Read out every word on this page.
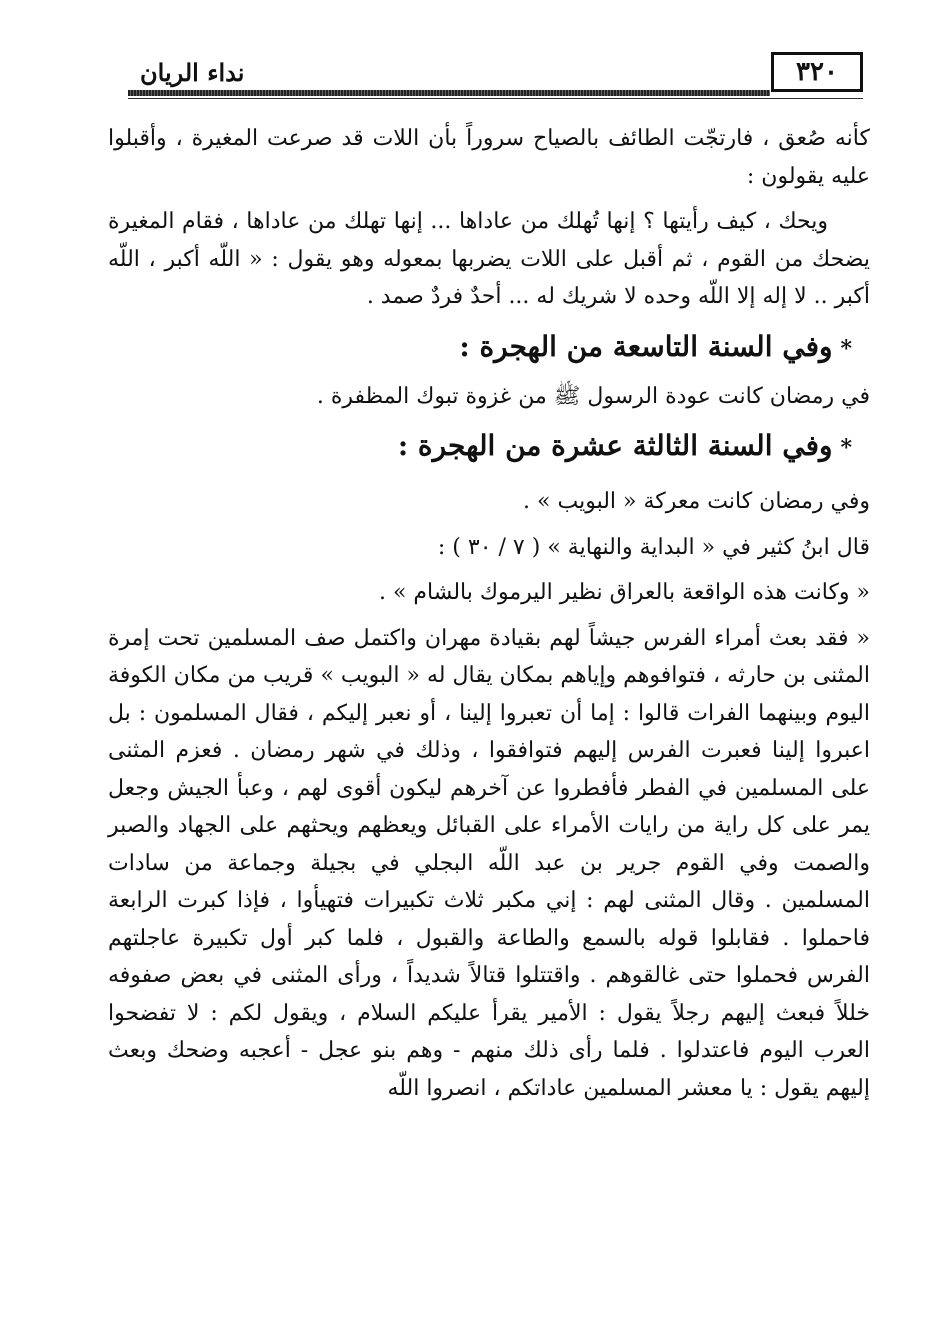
نداء الريان	٣٢٠

كأنه صُعق ، فارتجّت الطائف بالصياح سروراً بأن اللات قد صرعت المغيرة ، وأقبلوا عليه يقولون :

ويحك ، كيف رأيتها ؟ إنها تُهلك من عاداها ... إنها تهلك من عاداها ، فقام المغيرة يضحك من القوم ، ثم أقبل على اللات يضربها بمعوله وهو يقول : « اللّه أكبر ، اللّه أكبر .. لا إله إلا اللّه وحده لا شريك له ... أحدٌ فردٌ صمد .

*وفي السنة التاسعة من الهجرة :

في رمضان كانت عودة الرسول ﷺ من غزوة تبوك المظفرة .

*وفي السنة الثالثة عشرة من الهجرة :

وفي رمضان كانت معركة « البويب » .

قال ابنُ كثير في « البداية والنهاية » ( ٧ / ٣٠ ) :

« وكانت هذه الواقعة بالعراق نظير اليرموك بالشام » .

« فقد بعث أمراء الفرس جيشاً لهم بقيادة مهران واكتمل صف المسلمين تحت إمرة المثنى بن حارثه ، فتوافوهم وإياهم بمكان يقال له « البويب » قريب من مكان الكوفة اليوم وبينهما الفرات قالوا : إما أن تعبروا إلينا ، أو نعبر إليكم ، فقال المسلمون : بل اعبروا إلينا فعبرت الفرس إليهم فتوافقوا ، وذلك في شهر رمضان . فعزم المثنى على المسلمين في الفطر فأفطروا عن آخرهم ليكون أقوى لهم ، وعبأ الجيش وجعل يمر على كل راية من رايات الأمراء على القبائل ويعظهم ويحثهم على الجهاد والصبر والصمت وفي القوم جرير بن عبد اللّه البجلي في بجيلة وجماعة من سادات المسلمين . وقال المثنى لهم : إني مكبر ثلاث تكبيرات فتهيأوا ، فإذا كبرت الرابعة فاحملوا . فقابلوا قوله بالسمع والطاعة والقبول ، فلما كبر أول تكبيرة عاجلتهم الفرس فحملوا حتى غالقوهم . واقتتلوا قتالاً شديداً ، ورأى المثنى في بعض صفوفه خللاً فبعث إليهم رجلاً يقول : الأمير يقرأ عليكم السلام ، ويقول لكم : لا تفضحوا العرب اليوم فاعتدلوا . فلما رأى ذلك منهم - وهم بنو عجل - أعجبه وضحك وبعث إليهم يقول : يا معشر المسلمين عاداتكم ، انصروا اللّه
